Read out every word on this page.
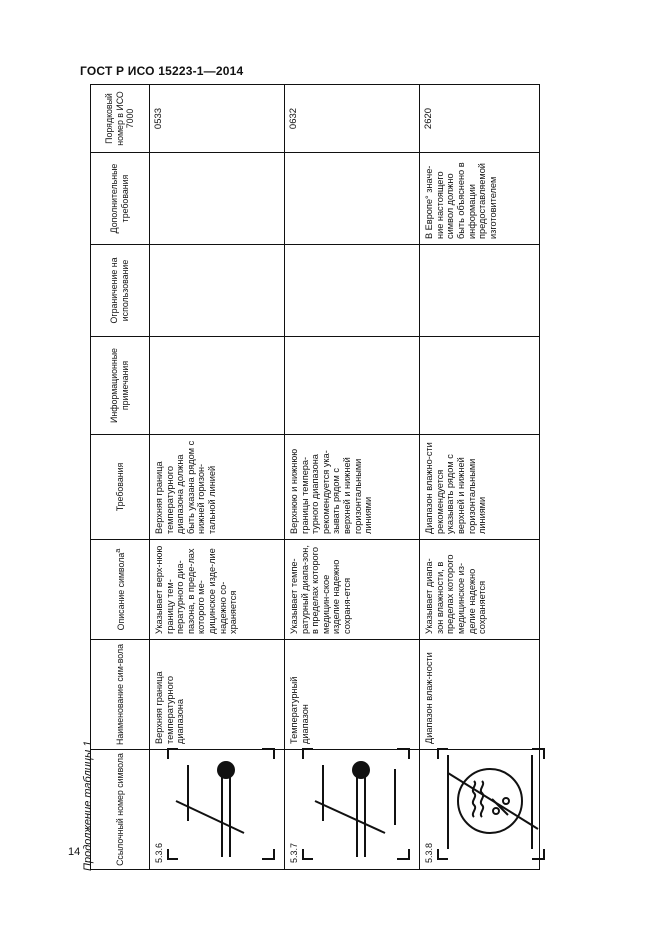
ГОСТ Р ИСО 15223-1—2014
Продолжение таблицы 1 Ссылочный номер символа	Наименование сим-вола	Описание символа$^a$	Требования	Информационные примечания	Ограничение на использование	Дополнительные требования	Порядковый номер в ИСО 7000

5.3.6	Верхняя граница температурного диапазона	Указывает верх-нюю границу тем-пературного диа-пазона, в преде-лах которого ме-дицинское изде-лие надежно со-храняется	Верхняя граница температурного диапазона должна быть указана рядом с нижней горизон-тальной линией				0533

5.3.7	Температурный диапазон	Указывает темпе-ратурный диапа-зон, в пределах которого медицин-ское изделие надежно сохраня-ется	Верхнюю и нижнюю границы темпера-турного диапазона рекомендуется ука-зывать рядом с верхней и нижней горизонтальными линиями				0632

5.3.8	Диапазон влаж-ности	Указывает диапа-зон влажности, в пределах которого медицинское из-делие надежно сохраняется	Диапазон влажно-сти рекомендуется указывать рядом с верхней и нижней горизонтальными линиями			В Европе° значе-ние настоящего символ должно быть объяснено в информации предоставляемой изготовителем	2620
14
